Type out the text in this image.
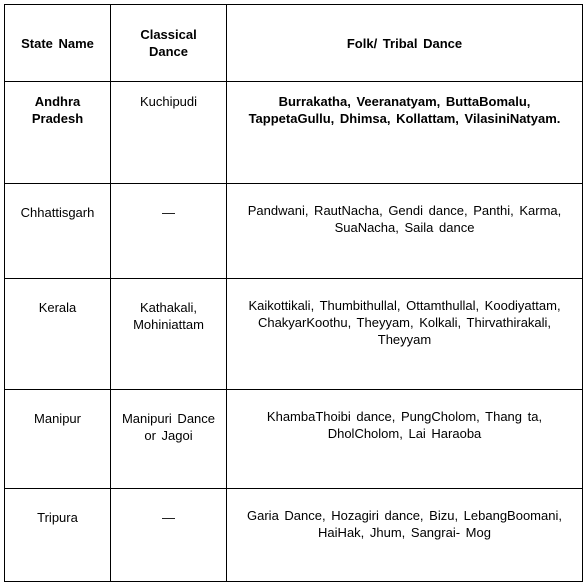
State Name	Classical Dance	Folk/ Tribal Dance
Andhra Pradesh	Kuchipudi	Burrakatha, Veeranatyam, ButtaBomalu, TappetaGullu, Dhimsa, Kollattam, VilasiniNatyam.
Chhattisgarh	—	Pandwani, RautNacha, Gendi dance, Panthi, Karma, SuaNacha, Saila dance
Kerala	Kathakali, Mohiniattam	Kaikottikali, Thumbithullal, Ottamthullal, Koodiyattam, ChakyarKoothu, Theyyam, Kolkali, Thirvathirakali, Theyyam
Manipur	Manipuri Dance or Jagoi	KhambaThoibi dance, PungCholom, Thang ta, DholCholom, Lai Haraoba
Tripura	—	Garia Dance, Hozagiri dance, Bizu, LebangBoomani, HaiHak, Jhum, Sangrai- Mog
